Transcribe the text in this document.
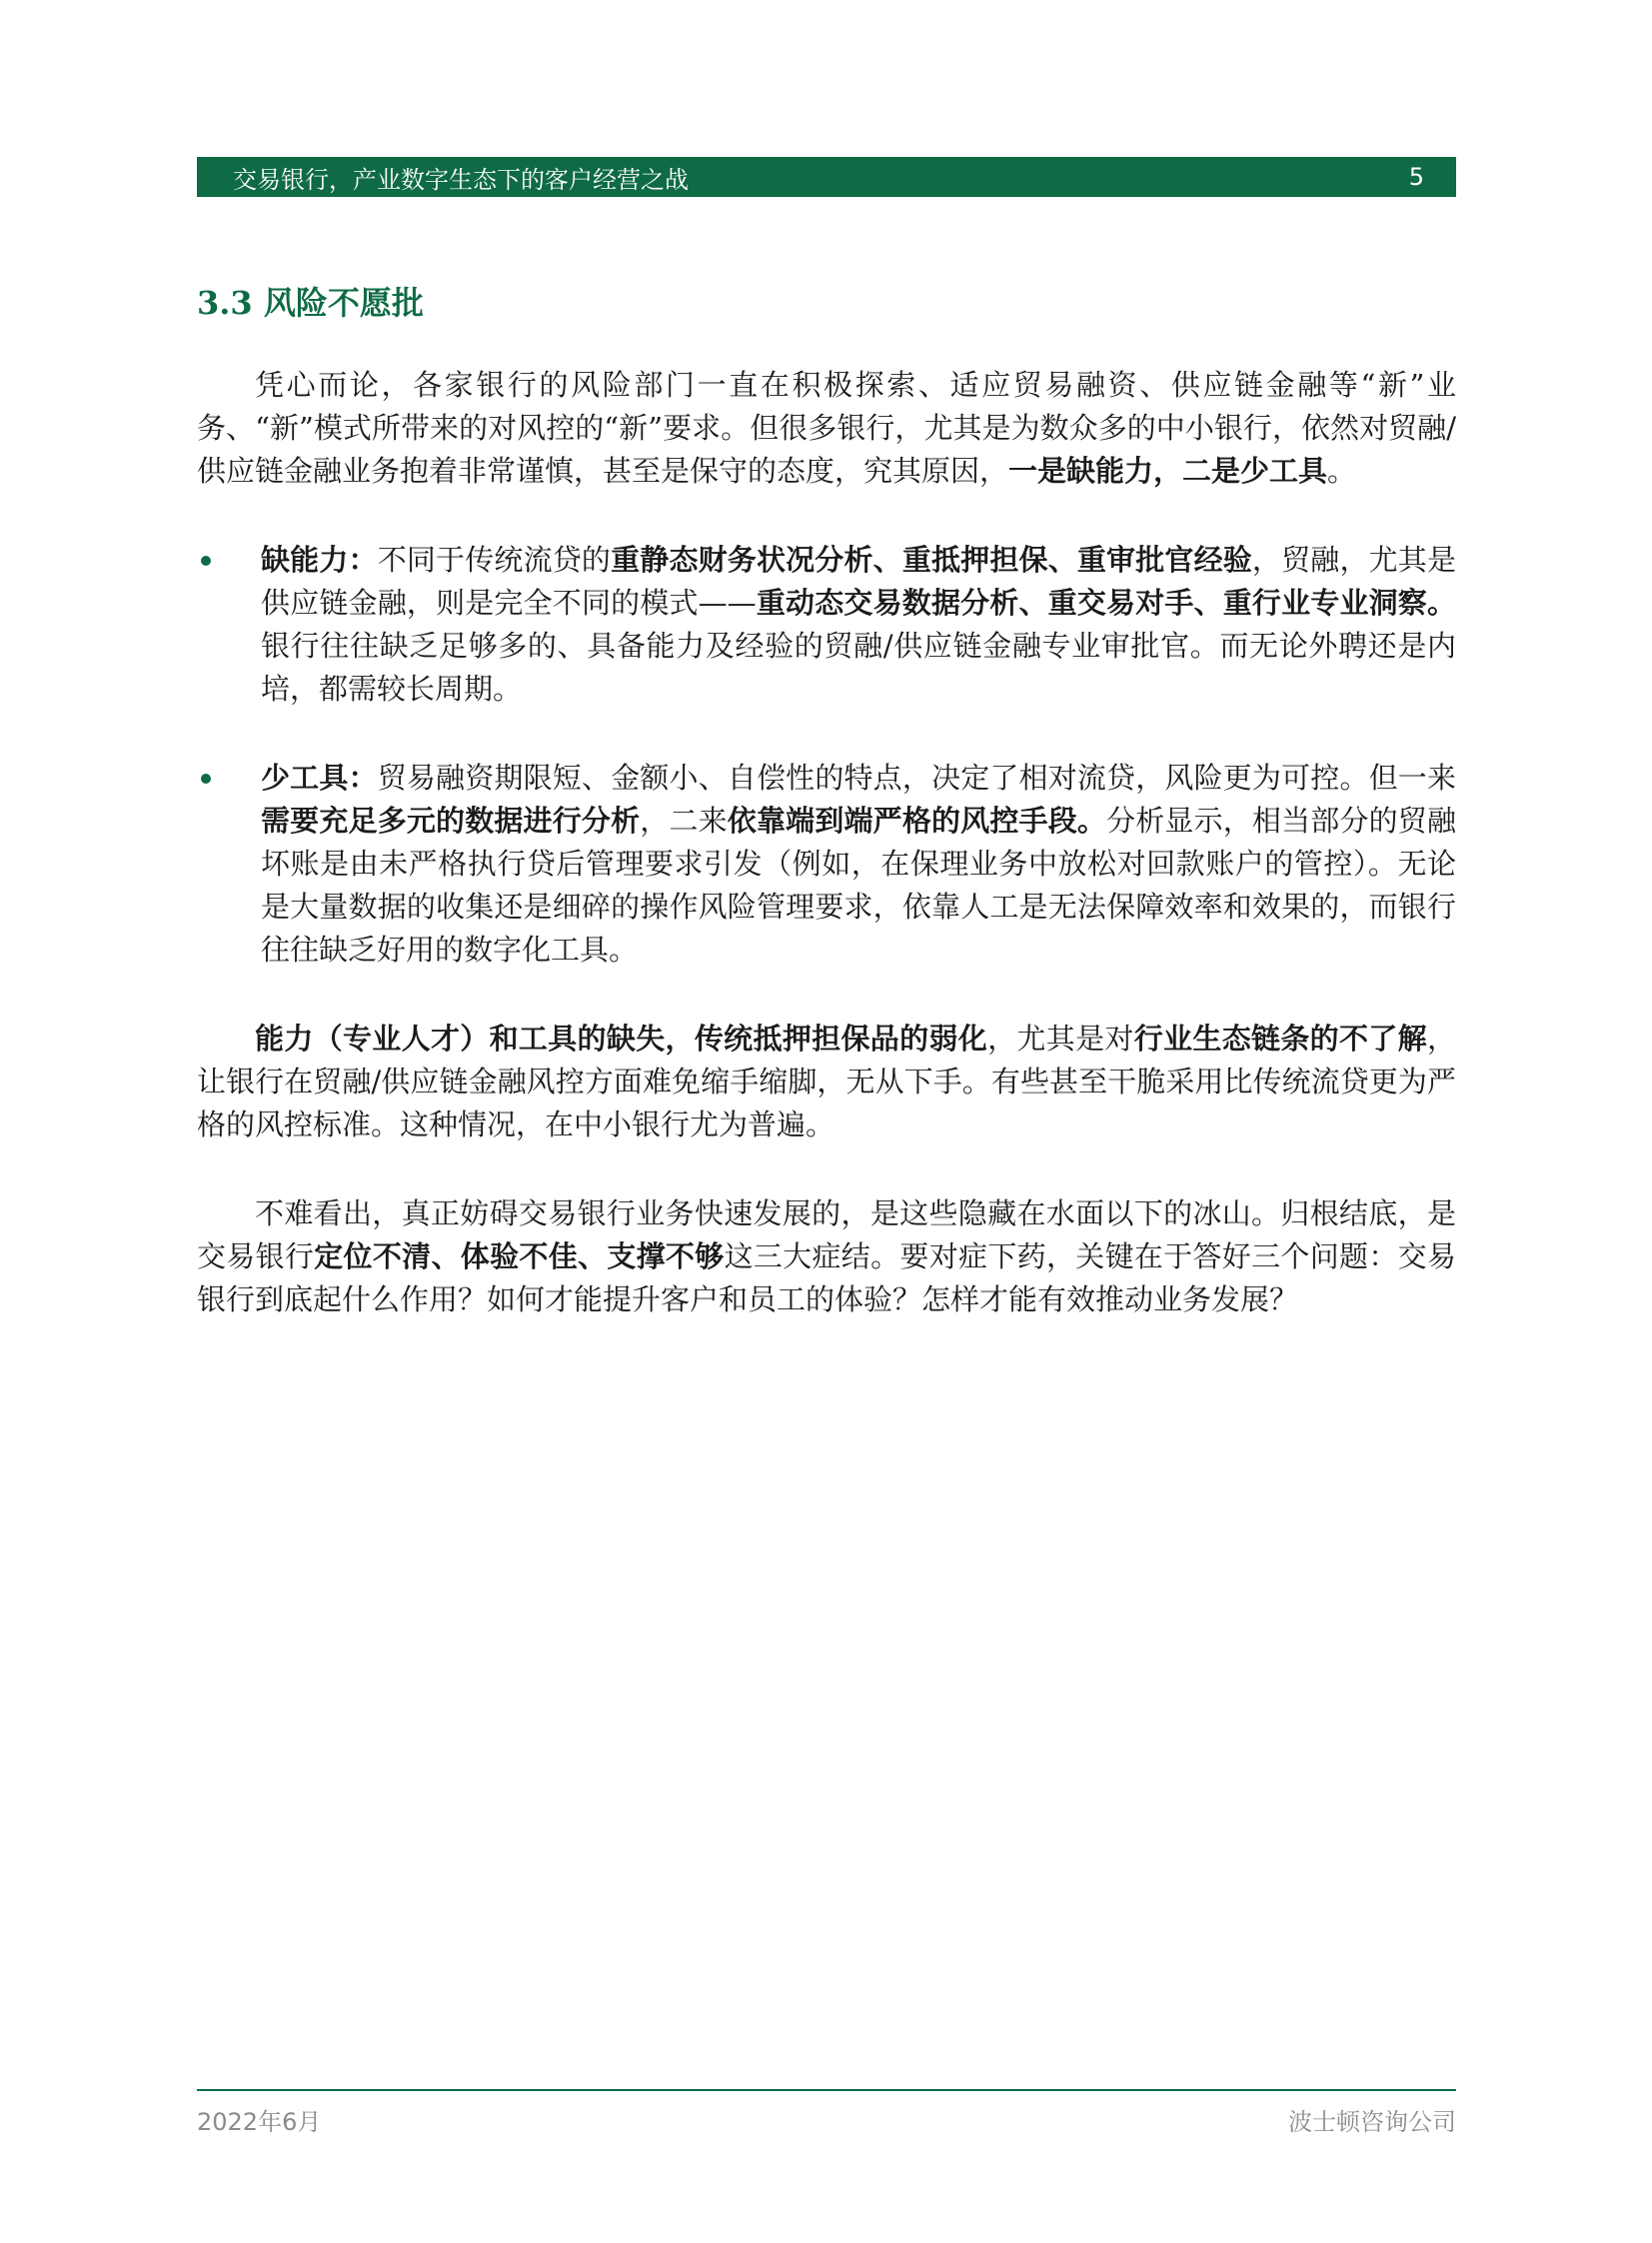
交易银行，产业数字生态下的客户经营之战	5
3.3 风险不愿批

凭心而论，各家银行的风险部门一直在积极探索、适应贸易融资、供应链金融等“新”业务、“新”模式所带来的对风控的“新”要求。但很多银行，尤其是为数众多的中小银行，依然对贸融/供应链金融业务抱着非常谨慎，甚至是保守的态度，究其原因，一是缺能力，二是少工具。

缺能力：不同于传统流贷的重静态财务状况分析、重抵押担保、重审批官经验，贸融，尤其是供应链金融，则是完全不同的模式——重动态交易数据分析、重交易对手、重行业专业洞察。银行往往缺乏足够多的、具备能力及经验的贸融/供应链金融专业审批官。而无论外聘还是内培，都需较长周期。
少工具：贸易融资期限短、金额小、自偿性的特点，决定了相对流贷，风险更为可控。但一来需要充足多元的数据进行分析，二来依靠端到端严格的风控手段。分析显示，相当部分的贸融坏账是由未严格执行贷后管理要求引发（例如，在保理业务中放松对回款账户的管控）。无论是大量数据的收集还是细碎的操作风险管理要求，依靠人工是无法保障效率和效果的，而银行往往缺乏好用的数字化工具。

能力（专业人才）和工具的缺失，传统抵押担保品的弱化，尤其是对行业生态链条的不了解，让银行在贸融/供应链金融风控方面难免缩手缩脚，无从下手。有些甚至干脆采用比传统流贷更为严格的风控标准。这种情况，在中小银行尤为普遍。

不难看出，真正妨碍交易银行业务快速发展的，是这些隐藏在水面以下的冰山。归根结底，是交易银行定位不清、体验不佳、支撑不够这三大症结。要对症下药，关键在于答好三个问题：交易银行到底起什么作用？如何才能提升客户和员工的体验？怎样才能有效推动业务发展？

2022年6月	波士顿咨询公司
